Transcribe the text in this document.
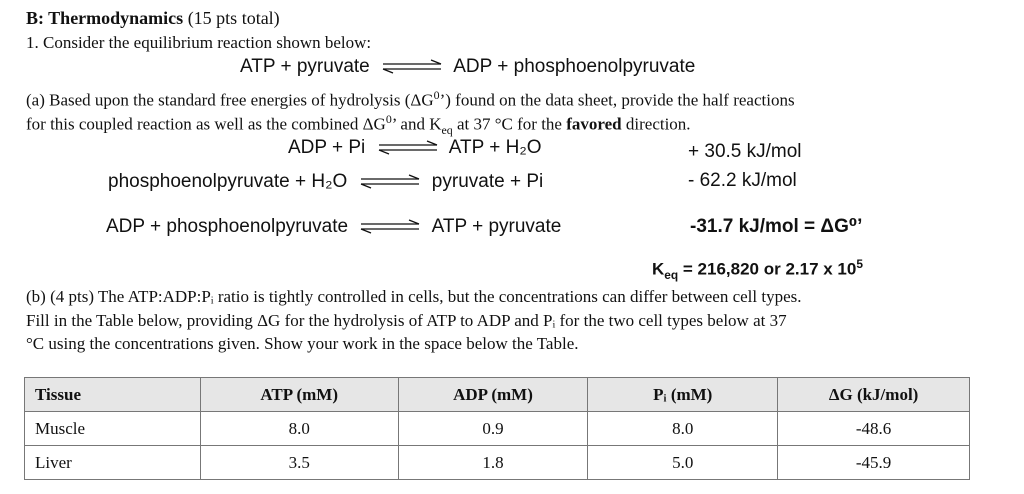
B: Thermodynamics (15 pts total)
1. Consider the equilibrium reaction shown below:
ATP + pyruvate ⇌ ADP + phosphoenolpyruvate
(a) Based upon the standard free energies of hydrolysis $(\Delta G^0’)$ found on the data sheet, provide the half reactions
for this coupled reaction as well as the combined $\Delta G^0$’ and $K_{eq}$ at 37 °C for the favored direction.
ADP + Pi ⇌ ATP + H₂O	+ 30.5 kJ/mol
phosphoenolpyruvate + H₂O ⇌ pyruvate + Pi	- 62.2 kJ/mol
ADP + phosphoenolpyruvate ⇌ ATP + pyruvate	-31.7 kJ/mol = ΔG⁰’
$K_{eq} = 216,820$ or 2.17 x $10^5$
(b) (4 pts) The ATP:ADP:Pᵢ ratio is tightly controlled in cells, but the concentrations can differ between cell types.
Fill in the Table below, providing ΔG for the hydrolysis of ATP to ADP and Pᵢ for the two cell types below at 37
°C using the concentrations given. Show your work in the space below the Table.
Tissue	ATP (mM)	ADP (mM)	Pᵢ (mM)	ΔG (kJ/mol)
Muscle	8.0	0.9	8.0	-48.6
Liver	3.5	1.8	5.0	-45.9
